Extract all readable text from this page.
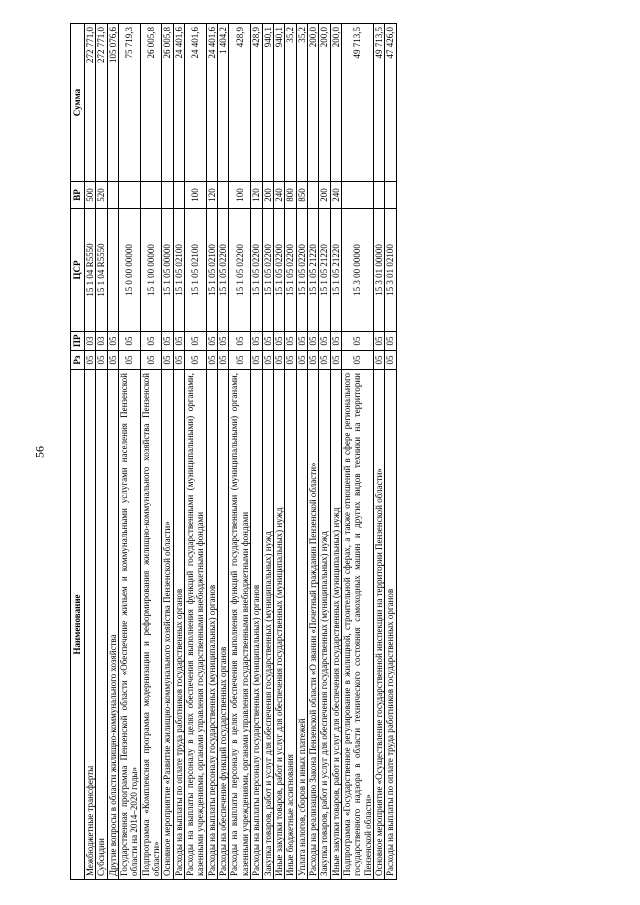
56
Наименование	Рз	ПР	ЦСР	ВР	Сумма
Межбюджетные трансферты	05	03	15 1 04 R5550	500	272 771,0
Субсидии	05	03	15 1 04 R5550	520	272 771,0
Другие вопросы в области жилищно-коммунального хозяйства	05	05			105 076,6
Государственная программа Пензенской области «Обеспечение жильем и коммунальными услугами населения Пензенской области на 2014–2020 годы»	05	05	15 0 00 00000		75 719,3
Подпрограмма «Комплексная программа модернизации и реформирования жилищно-коммунального хозяйства Пензенской области»	05	05	15 1 00 00000		26 005,8
Основное мероприятие «Развитие жилищно-коммунального хозяйства Пензенской области»	05	05	15 1 05 00000		26 005,8
Расходы на выплаты по оплате труда работников государственных органов	05	05	15 1 05 02100		24 401,6
Расходы на выплаты персоналу в целях обеспечения выполнения функций государственными (муниципальными) органами, казенными учреждениями, органами управления государственными внебюджетными фондами	05	05	15 1 05 02100	100	24 401,6
Расходы на выплаты персоналу государственных (муниципальных) органов	05	05	15 1 05 02100	120	24 401,6
Расходы на обеспечение функций государственных органов	05	05	15 1 05 02200		1 404,2
Расходы на выплаты персоналу в целях обеспечения выполнения функций государственными (муниципальными) органами, казенными учреждениями, органами управления государственными внебюджетными фондами	05	05	15 1 05 02200	100	428,9
Расходы на выплаты персоналу государственных (муниципальных) органов	05	05	15 1 05 02200	120	428,9
Закупка товаров, работ и услуг для обеспечения государственных (муниципальных) нужд	05	05	15 1 05 02200	200	940,1
Иные закупки товаров, работ и услуг для обеспечения государственных (муниципальных) нужд	05	05	15 1 05 02200	240	940,1
Иные бюджетные ассигнования	05	05	15 1 05 02200	800	35,2
Уплата налогов, сборов и иных платежей	05	05	15 1 05 02200	850	35,2
Расходы на реализацию Закона Пензенской области «О звании «Почетный гражданин Пензенской области»	05	05	15 1 05 21220		200,0
Закупка товаров, работ и услуг для обеспечения государственных (муниципальных) нужд	05	05	15 1 05 21220	200	200,0
Иные закупки товаров, работ и услуг для обеспечения государственных (муниципальных) нужд	05	05	15 1 05 21220	240	200,0
Подпрограмма «Государственное регулирование в жилищной, строительной сферах, а также отношений в сфере регионального государственного надзора в области технического состояния самоходных машин и других видов техники на территории Пензенской области»	05	05	15 3 00 00000		49 713,5
Основное мероприятие «Осуществление государственной инспекции на территории Пензенской области»	05	05	15 3 01 00000		49 713,5
Расходы на выплаты по оплате труда работников государственных органов	05	05	15 3 01 02100		47 426,0
